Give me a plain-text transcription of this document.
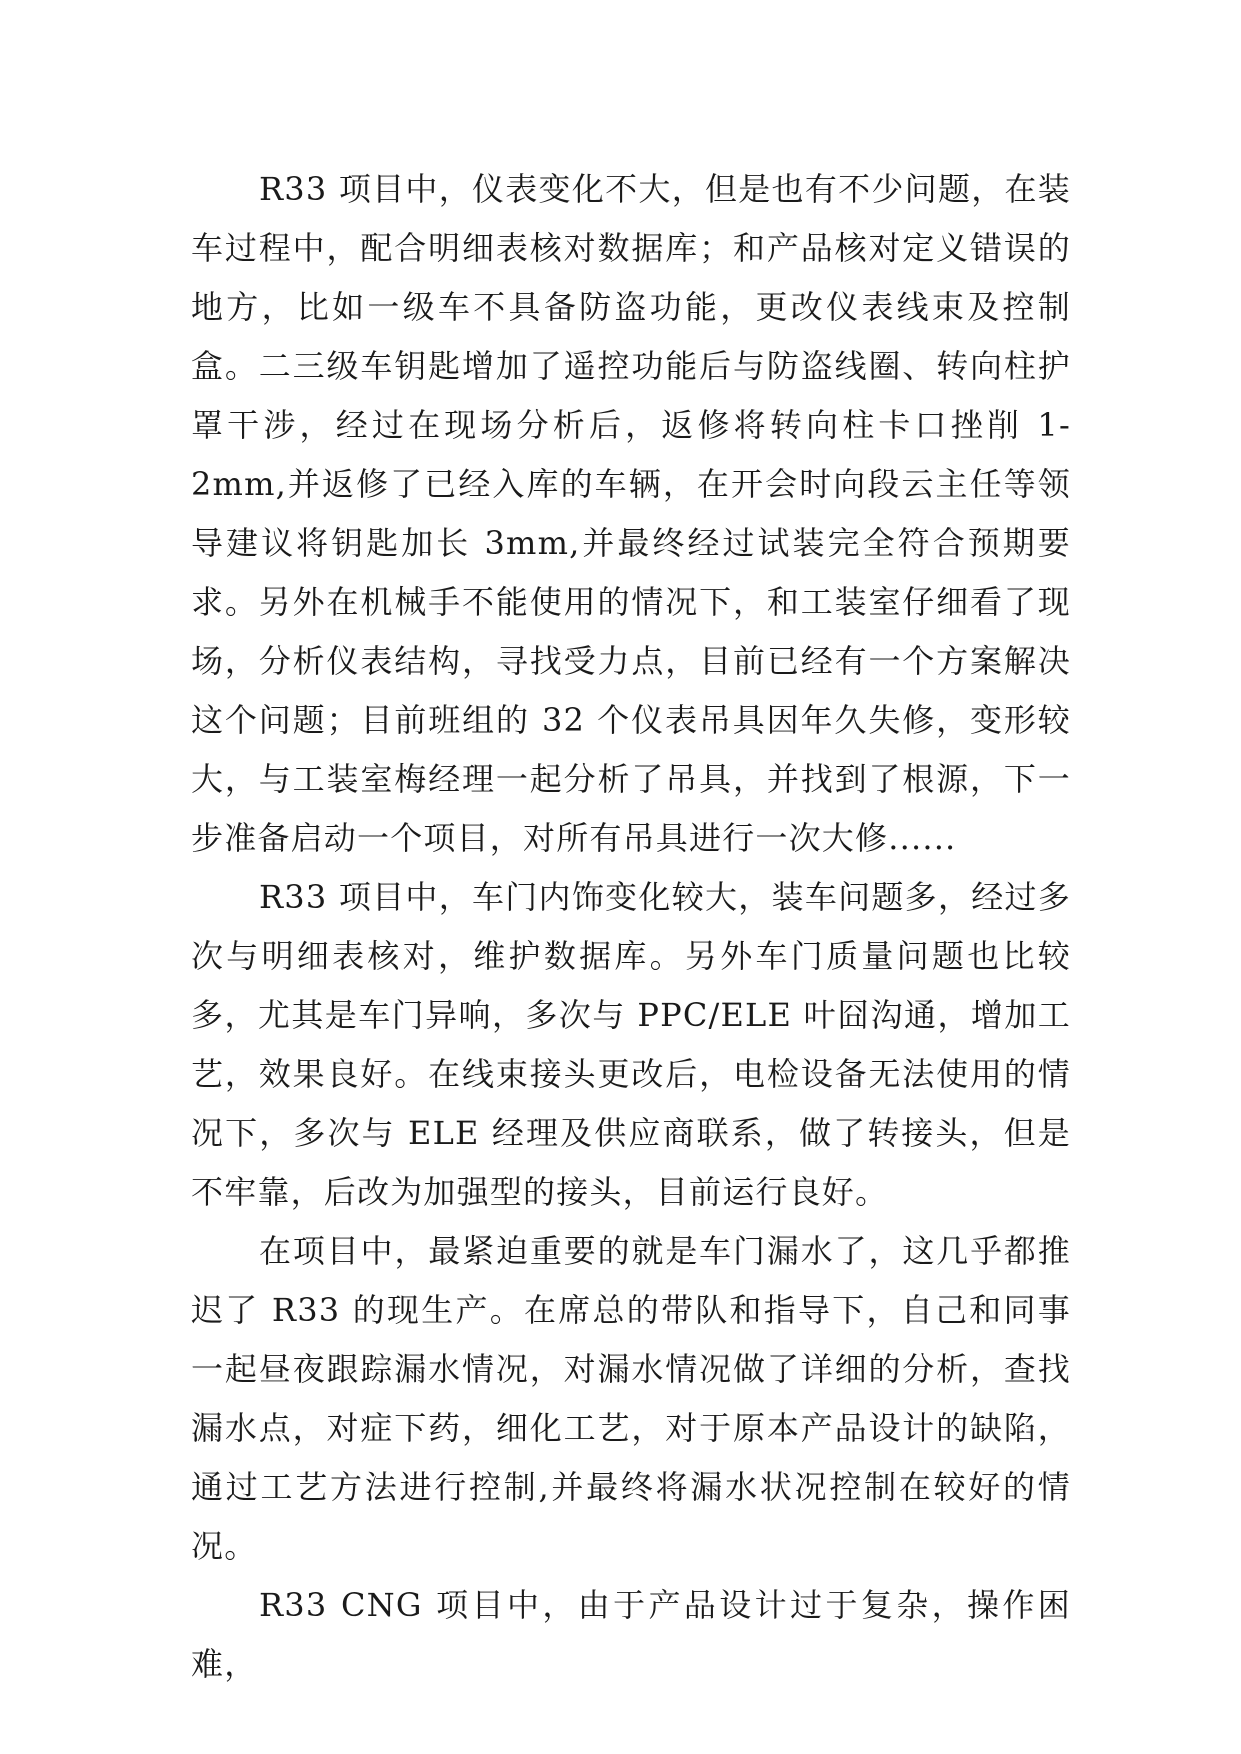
R33 项目中，仪表变化不大，但是也有不少问题，在装车过程中，配合明细表核对数据库；和产品核对定义错误的地方，比如一级车不具备防盗功能，更改仪表线束及控制盒。二三级车钥匙增加了遥控功能后与防盗线圈、转向柱护罩干涉，经过在现场分析后，返修将转向柱卡口挫削 1-2mm,并返修了已经入库的车辆，在开会时向段云主任等领导建议将钥匙加长 3mm,并最终经过试装完全符合预期要求。另外在机械手不能使用的情况下，和工装室仔细看了现场，分析仪表结构，寻找受力点，目前已经有一个方案解决这个问题；目前班组的 32 个仪表吊具因年久失修，变形较大，与工装室梅经理一起分析了吊具，并找到了根源，下一步准备启动一个项目，对所有吊具进行一次大修......

R33 项目中，车门内饰变化较大，装车问题多，经过多次与明细表核对，维护数据库。另外车门质量问题也比较多，尤其是车门异响，多次与 PPC/ELE 叶囧沟通，增加工艺，效果良好。在线束接头更改后，电检设备无法使用的情况下，多次与 ELE 经理及供应商联系，做了转接头，但是不牢靠，后改为加强型的接头，目前运行良好。

在项目中，最紧迫重要的就是车门漏水了，这几乎都推迟了 R33 的现生产。在席总的带队和指导下，自己和同事一起昼夜跟踪漏水情况，对漏水情况做了详细的分析，查找漏水点，对症下药，细化工艺，对于原本产品设计的缺陷，通过工艺方法进行控制,并最终将漏水状况控制在较好的情况。

R33 CNG 项目中，由于产品设计过于复杂，操作困难，
